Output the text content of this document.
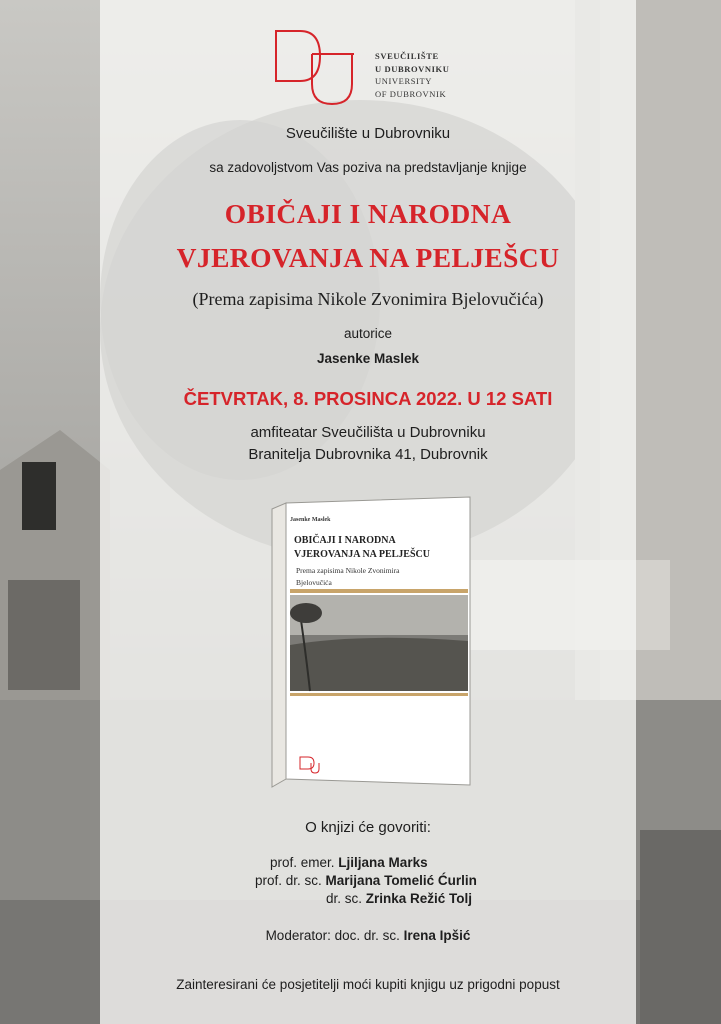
SVEUČILIŠTE
U DUBROVNIKU
UNIVERSITY
OF DUBROVNIK
Sveučilište u Dubrovniku
sa zadovoljstvom Vas poziva na predstavljanje knjige
OBIČAJI I NARODNA
VJEROVANJA NA PELJEŠCU
(Prema zapisima Nikole Zvonimira Bjelovučića)
autorice
Jasenke Maslek
ČETVRTAK, 8. PROSINCA 2022. U 12 SATI
amfiteatar Sveučilišta u Dubrovniku
Branitelja Dubrovnika 41, Dubrovnik
Jasenke Maslek
OBIČAJI I NARODNA
VJEROVANJA NA PELJEŠCU
Prema zapisima Nikole Zvonimira
Bjelovučića
O knjizi će govoriti:
prof. emer. Ljiljana Marks
prof. dr. sc. Marijana Tomelić Ćurlin
dr. sc. Zrinka Režić Tolj
Moderator: doc. dr. sc. Irena Ipšić
Zainteresirani će posjetitelji moći kupiti knjigu uz prigodni popust
